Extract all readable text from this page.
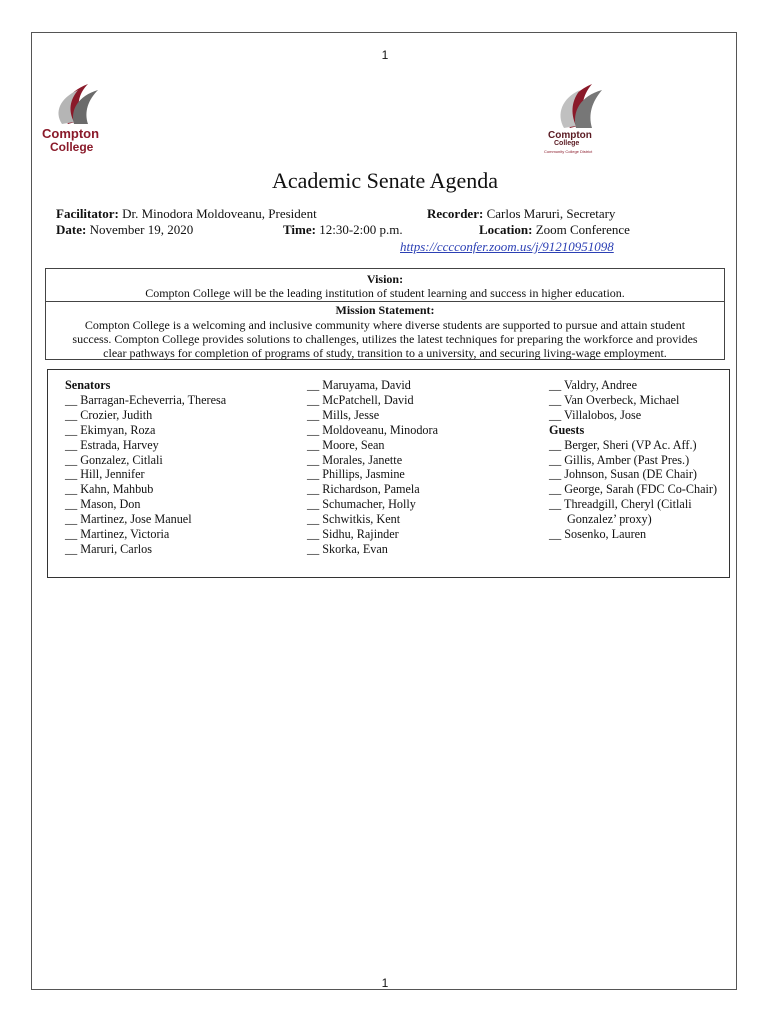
1
Compton
College
Compton
College
Community College District
Academic Senate Agenda
Facilitator: Dr. Minodora Moldoveanu, President	Recorder: Carlos Maruri, Secretary
Date: November 19, 2020	Time: 12:30-2:00 p.m.	Location: Zoom Conference
https://cccconfer.zoom.us/j/91210951098
Vision:
Compton College will be the leading institution of student learning and success in higher education.
Mission Statement:
Compton College is a welcoming and inclusive community where diverse students are supported to pursue and attain student
success. Compton College provides solutions to challenges, utilizes the latest techniques for preparing the workforce and provides
clear pathways for completion of programs of study, transition to a university, and securing living-wage employment.
Senators
__ Barragan-Echeverria, Theresa
__ Crozier, Judith
__ Ekimyan, Roza
__ Estrada, Harvey
__ Gonzalez, Citlali
__ Hill, Jennifer
__ Kahn, Mahbub
__ Mason, Don
__ Martinez, Jose Manuel
__ Martinez, Victoria
__ Maruri, Carlos
__ Maruyama, David
__ McPatchell, David
__ Mills, Jesse
__ Moldoveanu, Minodora
__ Moore, Sean
__ Morales, Janette
__ Phillips, Jasmine
__ Richardson, Pamela
__ Schumacher, Holly
__ Schwitkis, Kent
__ Sidhu, Rajinder
__ Skorka, Evan
__ Valdry, Andree
__ Van Overbeck, Michael
__ Villalobos, Jose
Guests
__ Berger, Sheri (VP Ac. Aff.)
__ Gillis, Amber (Past Pres.)
__ Johnson, Susan (DE Chair)
__ George, Sarah (FDC Co-Chair)
__ Threadgill, Cheryl (Citlali
Gonzalez’ proxy)
__ Sosenko, Lauren
1
